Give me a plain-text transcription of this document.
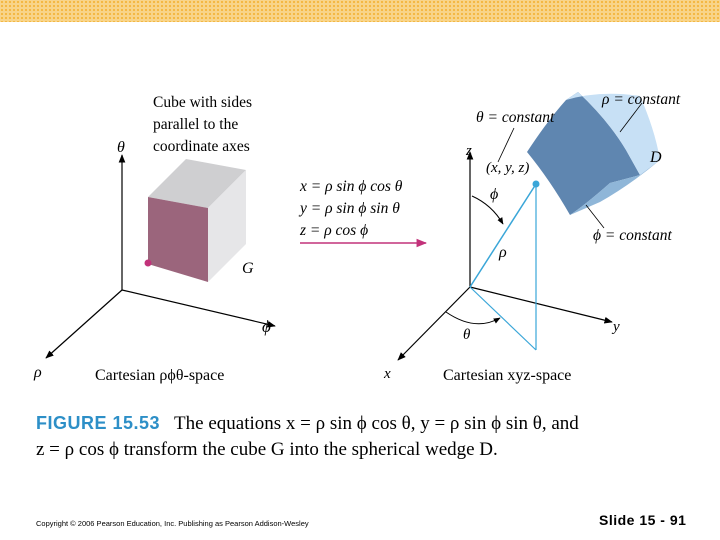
θ
ϕ
ρ
G
Cube with sides parallel to the coordinate axes
Cartesian ρϕθ-space
x = ρ sin ϕ cos θ y = ρ sin ϕ sin θ z = ρ cos ϕ
z
y
x
θ = constant
ρ = constant
(x, y, z)
D
ϕ
ρ
ϕ = constant
θ
Cartesian xyz-space
FIGURE 15.53 The equations x = ρ sin ϕ cos θ, y = ρ sin ϕ sin θ, and
z = ρ cos ϕ transform the cube G into the spherical wedge D.
Copyright © 2006 Pearson Education, Inc. Publishing as Pearson Addison-Wesley	Slide 15 - 91
